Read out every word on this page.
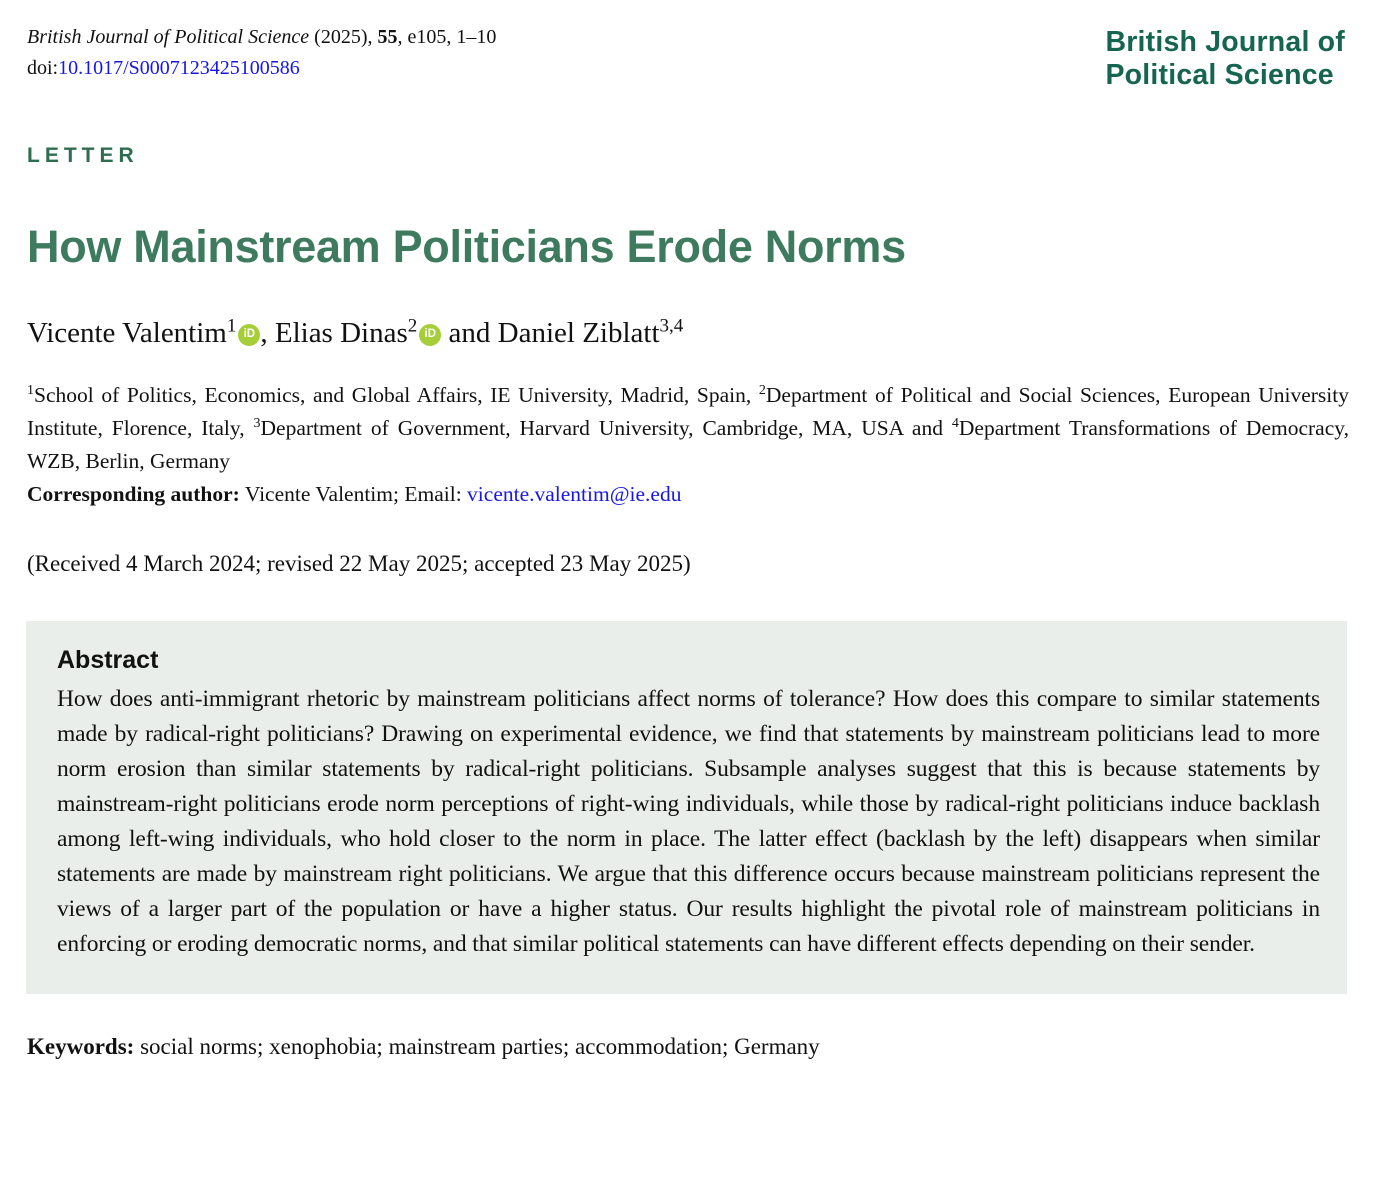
British Journal of Political Science (2025), 55, e105, 1–10
doi:10.1017/S0007123425100586
British Journal of
Political Science
LETTER
How Mainstream Politicians Erode Norms
Vicente Valentim$^1$ iD , Elias Dinas$^2$ iD and Daniel Ziblatt$^{3,4}$
$^1$School of Politics, Economics, and Global Affairs, IE University, Madrid, Spain, $^2$Department of Political and Social Sciences, European University Institute, Florence, Italy, $^3$Department of Government, Harvard University, Cambridge, MA, USA and $^4$Department Transformations of Democracy, WZB, Berlin, Germany
Corresponding author: Vicente Valentim; Email: vicente.valentim@ie.edu
(Received 4 March 2024; revised 22 May 2025; accepted 23 May 2025)
Abstract

How does anti-immigrant rhetoric by mainstream politicians affect norms of tolerance? How does this compare to similar statements made by radical-right politicians? Drawing on experimental evidence, we find that statements by mainstream politicians lead to more norm erosion than similar statements by radical-right politicians. Subsample analyses suggest that this is because statements by mainstream-right politicians erode norm perceptions of right-wing individuals, while those by radical-right politicians induce backlash among left-wing individuals, who hold closer to the norm in place. The latter effect (backlash by the left) disappears when similar statements are made by mainstream right politicians. We argue that this difference occurs because mainstream politicians represent the views of a larger part of the population or have a higher status. Our results highlight the pivotal role of mainstream politicians in enforcing or eroding democratic norms, and that similar political statements can have different effects depending on their sender.

Keywords: social norms; xenophobia; mainstream parties; accommodation; Germany
